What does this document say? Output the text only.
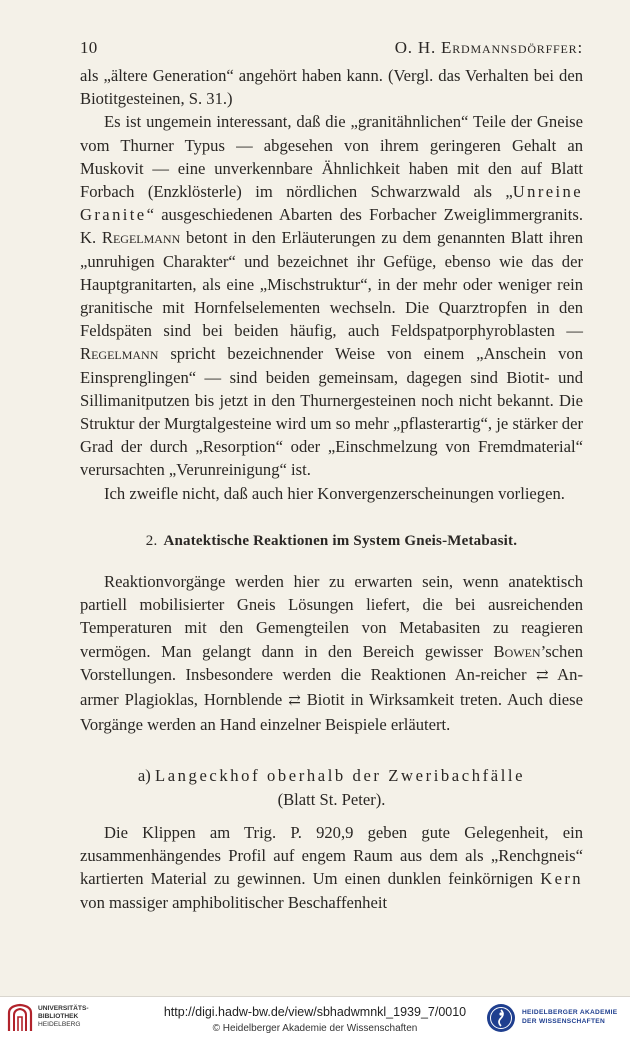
10	O. H. Erdmannsdörffer:

als „ältere Generation“ angehört haben kann. (Vergl. das Verhalten bei den Biotitgesteinen, S. 31.)

Es ist ungemein interessant, daß die „granitähnlichen“ Teile der Gneise vom Thurner Typus — abgesehen von ihrem geringeren Gehalt an Muskovit — eine unverkennbare Ähnlichkeit haben mit den auf Blatt Forbach (Enzklösterle) im nördlichen Schwarzwald als „Unreine Granite“ ausgeschiedenen Abarten des Forbacher Zweiglimmergranits. K. Regelmann betont in den Erläuterungen zu dem genannten Blatt ihren „unruhigen Charakter“ und bezeichnet ihr Gefüge, ebenso wie das der Hauptgranitarten, als eine „Mischstruktur“, in der mehr oder weniger rein granitische mit Hornfelselementen wechseln. Die Quarztropfen in den Feldspäten sind bei beiden häufig, auch Feldspatporphyroblasten — Regelmann spricht bezeichnender Weise von einem „Anschein von Einsprenglingen“ — sind beiden gemeinsam, dagegen sind Biotit- und Sillimanitputzen bis jetzt in den Thurnergesteinen noch nicht bekannt. Die Struktur der Murgtalgesteine wird um so mehr „pflasterartig“, je stärker der Grad der durch „Resorption“ oder „Einschmelzung von Fremdmaterial“ verursachten „Verunreinigung“ ist.

Ich zweifle nicht, daß auch hier Konvergenzerscheinungen vorliegen.

2. Anatektische Reaktionen im System Gneis-Metabasit.

Reaktionvorgänge werden hier zu erwarten sein, wenn anatektisch partiell mobilisierter Gneis Lösungen liefert, die bei ausreichenden Temperaturen mit den Gemengteilen von Metabasiten zu reagieren vermögen. Man gelangt dann in den Bereich gewisser Bowen’schen Vorstellungen. Insbesondere werden die Reaktionen An-reicher ⇄ An-armer Plagioklas, Hornblende ⇄ Biotit in Wirksamkeit treten. Auch diese Vorgänge werden an Hand einzelner Beispiele erläutert.

a) Langeckhof oberhalb der Zweribachfälle
(Blatt St. Peter).

Die Klippen am Trig. P. 920,9 geben gute Gelegenheit, ein zusammenhängendes Profil auf engem Raum aus dem als „Renchgneis“ kartierten Material zu gewinnen. Um einen dunklen feinkörnigen Kern von massiger amphibolitischer Beschaffenheit

UNIVERSITÄTS-
BIBLIOTHEK
HEIDELBERG
http://digi.hadw-bw.de/view/sbhadwmnkl_1939_7/0010
© Heidelberger Akademie der Wissenschaften
HEIDELBERGER AKADEMIE
DER WISSENSCHAFTEN
